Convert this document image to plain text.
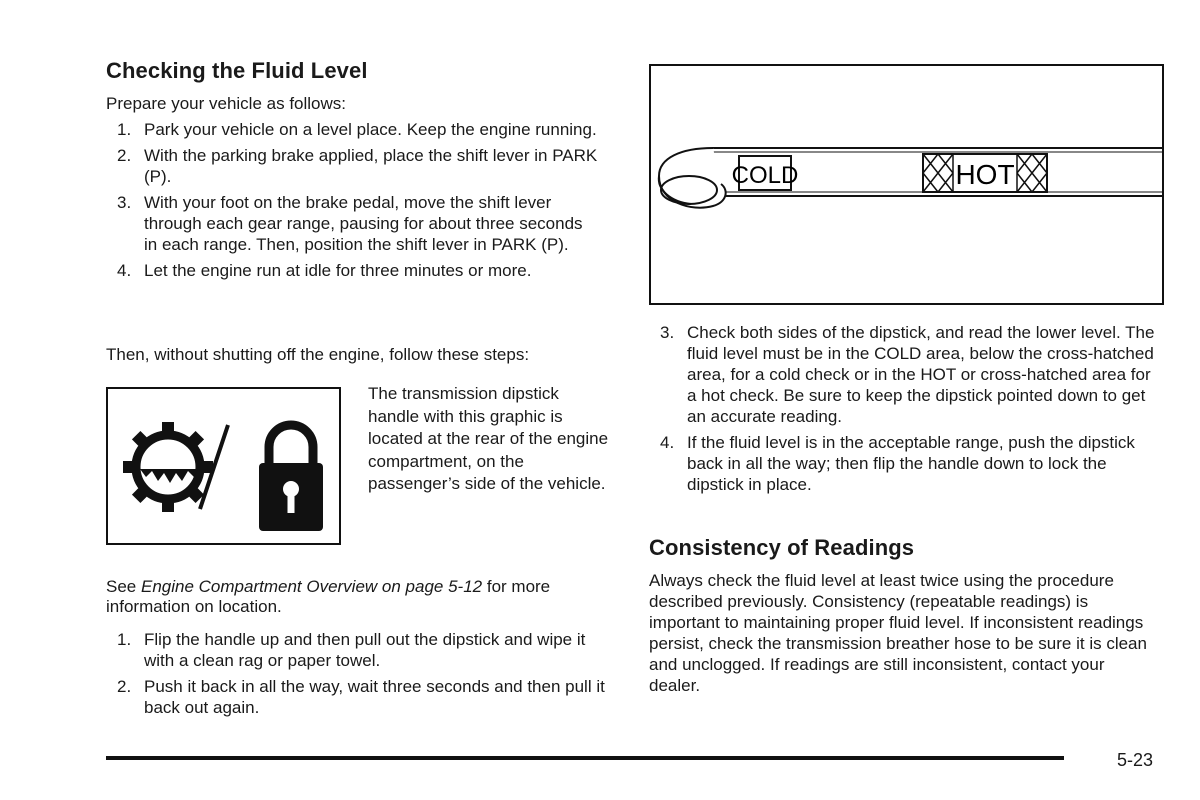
Checking the Fluid Level

Prepare your vehicle as follows:

1. Park your vehicle on a level place. Keep the engine running.
2. With the parking brake applied, place the shift lever in PARK (P).
3. With your foot on the brake pedal, move the shift lever through each gear range, pausing for about three seconds in each range. Then, position the shift lever in PARK (P).
4. Let the engine run at idle for three minutes or more.

Then, without shutting off the engine, follow these steps:

The transmission dipstick handle with this graphic is located at the rear of the engine compartment, on the passenger’s side of the vehicle.

See Engine Compartment Overview on page 5-12 for more information on location.

1. Flip the handle up and then pull out the dipstick and wipe it with a clean rag or paper towel.
2. Push it back in all the way, wait three seconds and then pull it back out again.
COLD	HOT
3. Check both sides of the dipstick, and read the lower level. The fluid level must be in the COLD area, below the cross-hatched area, for a cold check or in the HOT or cross-hatched area for a hot check. Be sure to keep the dipstick pointed down to get an accurate reading.
4. If the fluid level is in the acceptable range, push the dipstick back in all the way; then flip the handle down to lock the dipstick in place.
Consistency of Readings

Always check the fluid level at least twice using the procedure described previously. Consistency (repeatable readings) is important to maintaining proper fluid level. If inconsistent readings persist, check the transmission breather hose to be sure it is clean and unclogged. If readings are still inconsistent, contact your dealer.

5-23
